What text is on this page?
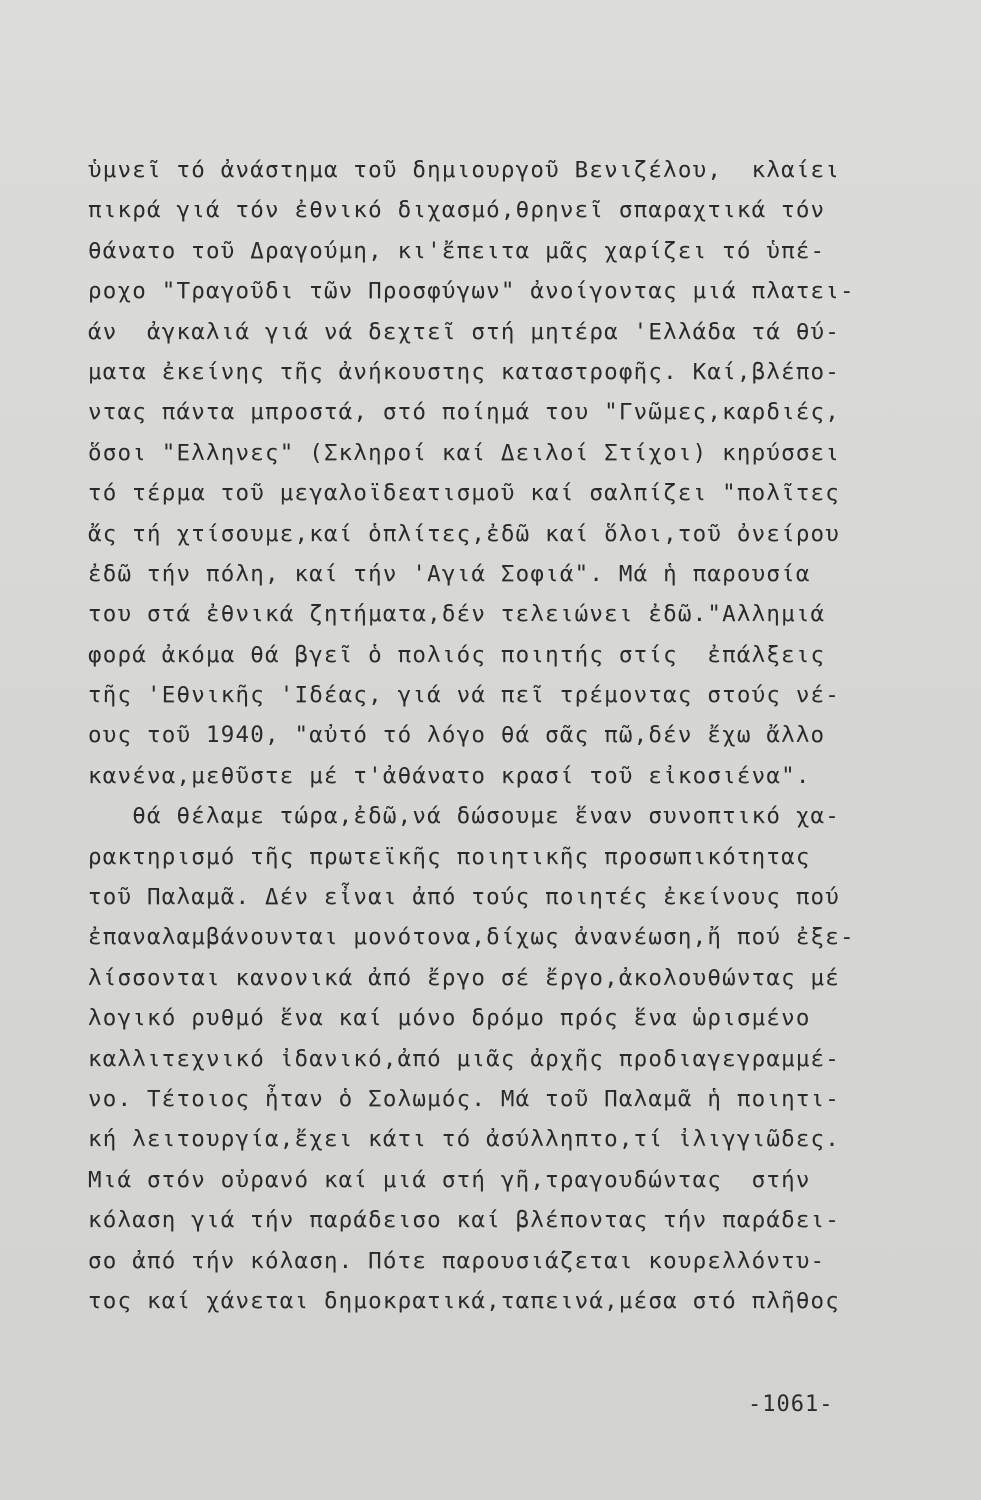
ὑμνεῖ τό ἀνάστημα τοῦ δημιουργοῦ Βενιζέλου,  κλαίει
πικρά γιά τόν ἐθνικό διχασμό,θρηνεῖ σπαραχτικά τόν
θάνατο τοῦ Δραγούμη, κι'ἔπειτα μᾶς χαρίζει τό ὑπέ-
ροχο "Τραγοῦδι τῶν Προσφύγων" ἀνοίγοντας μιά πλατει-
άν  ἀγκαλιά γιά νά δεχτεῖ στή μητέρα 'Ελλάδα τά θύ-
ματα ἐκείνης τῆς ἀνήκουστης καταστροφῆς. Καί,βλέπο-
ντας πάντα μπροστά, στό ποίημά του "Γνῶμες,καρδιές,
ὅσοι "Ελληνες" (Σκληροί καί Δειλοί Στίχοι) κηρύσσει
τό τέρμα τοῦ μεγαλοϊδεατισμοῦ καί σαλπίζει "πολῖτες
ἄς τή χτίσουμε,καί ὁπλίτες,ἐδῶ καί ὅλοι,τοῦ ὀνείρου
ἐδῶ τήν πόλη, καί τήν 'Αγιά Σοφιά". Μά ἡ παρουσία
του στά ἐθνικά ζητήματα,δέν τελειώνει ἐδῶ."Αλλημιά
φορά ἀκόμα θά βγεῖ ὁ πολιός ποιητής στίς  ἐπάλξεις
τῆς 'Εθνικῆς 'Ιδέας, γιά νά πεῖ τρέμοντας στούς νέ-
ους τοῦ 1940, "αὐτό τό λόγο θά σᾶς πῶ,δέν ἔχω ἄλλο
κανένα,μεθῦστε μέ τ'ἀθάνατο κρασί τοῦ εἰκοσιένα".
θά θέλαμε τώρα,ἐδῶ,νά δώσουμε ἕναν συνοπτικό χα-
ρακτηρισμό τῆς πρωτεϊκῆς ποιητικῆς προσωπικότητας
τοῦ Παλαμᾶ. Δέν εἶναι ἀπό τούς ποιητές ἐκείνους πού
ἐπαναλαμβάνουνται μονότονα,δίχως ἀνανέωση,ἤ πού ἐξε-
λίσσονται κανονικά ἀπό ἔργο σέ ἔργο,ἀκολουθώντας μέ
λογικό ρυθμό ἕνα καί μόνο δρόμο πρός ἕνα ὡρισμένο
καλλιτεχνικό ἰδανικό,ἀπό μιᾶς ἀρχῆς προδιαγεγραμμέ-
νο. Τέτοιος ἦταν ὁ Σολωμός. Μά τοῦ Παλαμᾶ ἡ ποιητι-
κή λειτουργία,ἔχει κάτι τό ἀσύλληπτο,τί ἰλιγγιῶδες.
Μιά στόν οὐρανό καί μιά στή γῆ,τραγουδώντας  στήν
κόλαση γιά τήν παράδεισο καί βλέποντας τήν παράδει-
σο ἀπό τήν κόλαση. Πότε παρουσιάζεται κουρελλόντυ-
τος καί χάνεται δημοκρατικά,ταπεινά,μέσα στό πλῆθος
-1061-
